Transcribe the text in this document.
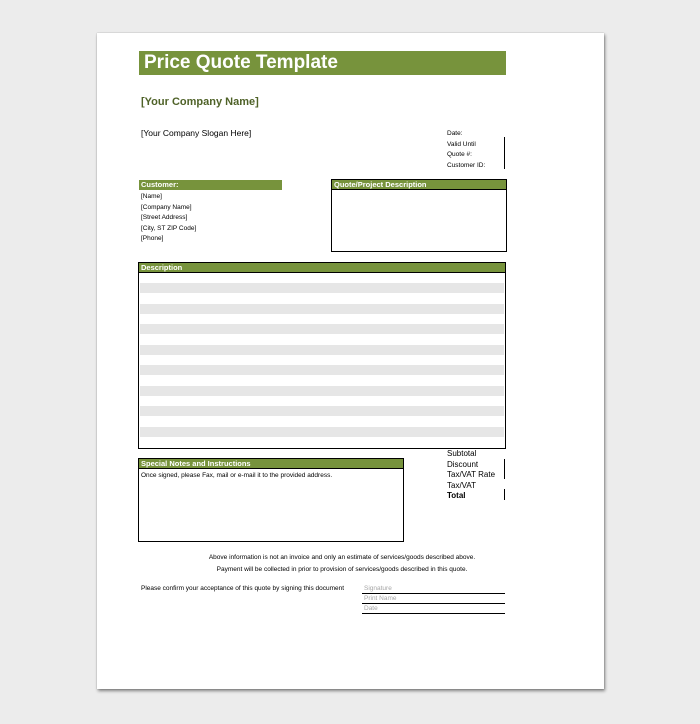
Price Quote Template
[Your Company Name]
[Your Company Slogan Here]	Date:
Valid Until
Quote #:
Customer ID:
Customer:
[Name]
[Company Name]
[Street Address]
[City, ST ZIP Code]
[Phone]
Quote/Project Description
Description
Special Notes and Instructions
Once signed, please Fax, mail or e-mail it to the provided address.
Subtotal
Discount
Tax/VAT Rate
Tax/VAT
Total
Above information is not an invoice and only an estimate of services/goods described above.
Payment will be collected in prior to provision of services/goods described in this quote.
Please confirm your acceptance of this quote by signing this document	Signature
Print Name
Date
